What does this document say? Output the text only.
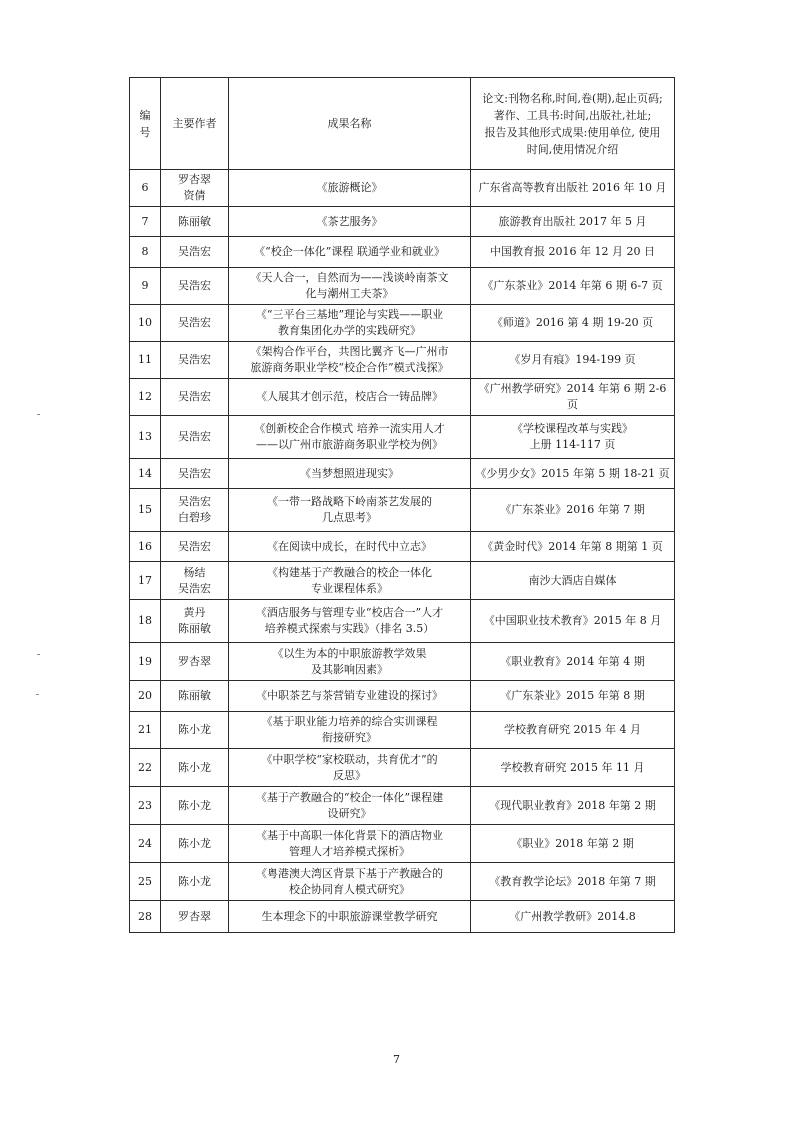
编
号	主要作者	成果名称	论文:刊物名称,时间,卷(期),起止页码;
著作、工具书:时间,出版社,社址;
报告及其他形式成果:使用单位, 使用
时间,使用情况介绍
6	罗杏翠
资倩	《旅游概论》	广东省高等教育出版社 2016 年 10 月
7	陈丽敏	《茶艺服务》	旅游教育出版社 2017 年 5 月
8	吴浩宏	《“校企一体化”课程 联通学业和就业》	中国教育报 2016 年 12 月 20 日
9	吴浩宏	《天人合一，自然而为——浅谈岭南茶文
化与潮州工夫茶》	《广东茶业》2014 年第 6 期 6-7 页
10	吴浩宏	《“三平台三基地”理论与实践——职业
教育集团化办学的实践研究》	《师道》2016 第 4 期 19-20 页
11	吴浩宏	《架构合作平台，共图比翼齐飞—广州市
旅游商务职业学校“校企合作”模式浅探》	《岁月有痕》194-199 页
12	吴浩宏	《人展其才创示范，校店合一铸品牌》	《广州教学研究》2014 年第 6 期 2-6
页
13	吴浩宏	《创新校企合作模式 培养一流实用人才
——以广州市旅游商务职业学校为例》	《学校课程改革与实践》
上册 114-117 页
14	吴浩宏	《当梦想照进现实》	《少男少女》2015 年第 5 期 18-21 页
15	吴浩宏
白碧珍	《一带一路战略下岭南茶艺发展的
几点思考》	《广东茶业》2016 年第 7 期
16	吴浩宏	《在阅读中成长，在时代中立志》	《黄金时代》2014 年第 8 期第 1 页
17	杨结
吴浩宏	《构建基于产教融合的校企一体化
专业课程体系》	南沙大酒店自媒体
18	黄丹
陈丽敏	《酒店服务与管理专业“校店合一”人才
培养模式探索与实践》（排名 3.5）	《中国职业技术教育》2015 年 8 月
19	罗杏翠	《以生为本的中职旅游教学效果
及其影响因素》	《职业教育》2014 年第 4 期
20	陈丽敏	《中职茶艺与茶营销专业建设的探讨》	《广东茶业》2015 年第 8 期
21	陈小龙	《基于职业能力培养的综合实训课程
衔接研究》	学校教育研究 2015 年 4 月
22	陈小龙	《中职学校“家校联动，共育优才”的
反思》	学校教育研究 2015 年 11 月
23	陈小龙	《基于产教融合的“校企一体化”课程建
设研究》	《现代职业教育》2018 年第 2 期
24	陈小龙	《基于中高职一体化背景下的酒店物业
管理人才培养模式探析》	《职业》2018 年第 2 期
25	陈小龙	《粤港澳大湾区背景下基于产教融合的
校企协同育人模式研究》	《教育教学论坛》2018 年第 7 期
28	罗杏翠	生本理念下的中职旅游课堂教学研究	《广州教学教研》2014.8
7
